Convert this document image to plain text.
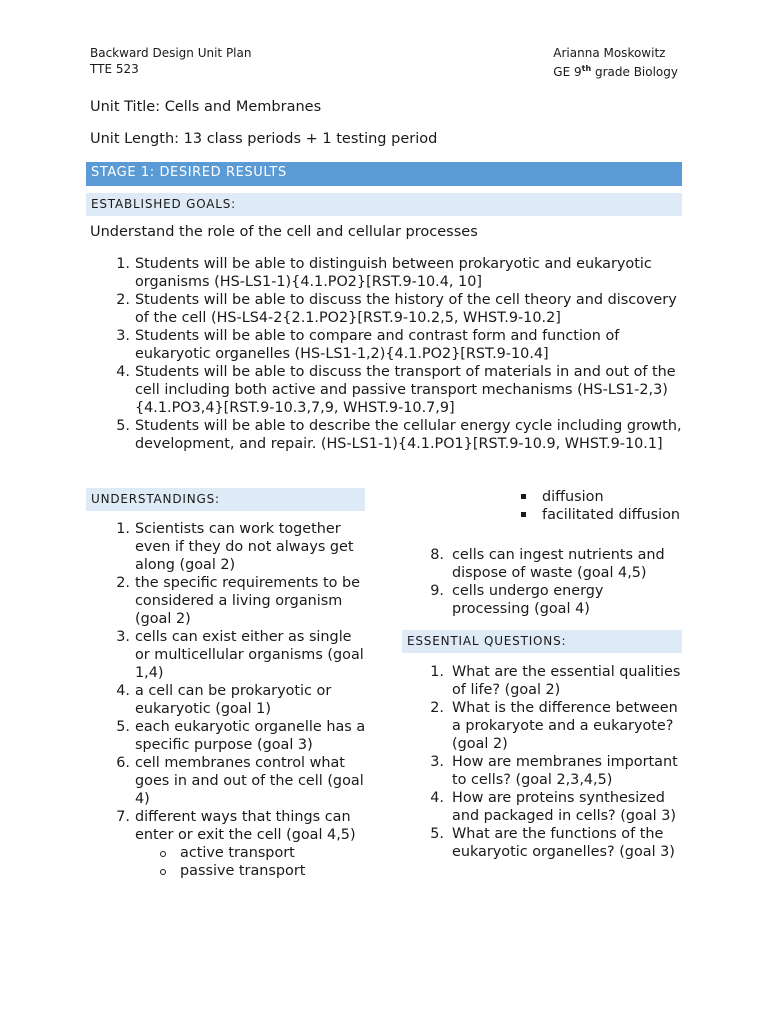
Backward Design Unit Plan
TTE 523
Arianna Moskowitz
GE 9th grade Biology
Unit Title: Cells and Membranes
Unit Length: 13 class periods + 1 testing period
STAGE 1: DESIRED RESULTS
ESTABLISHED GOALS:
Understand the role of the cell and cellular processes
1. Students will be able to distinguish between prokaryotic and eukaryotic organisms (HS-LS1-1){4.1.PO2}[RST.9-10.4, 10]
2. Students will be able to discuss the history of the cell theory and discovery of the cell (HS-LS4-2{2.1.PO2}[RST.9-10.2,5, WHST.9-10.2]
3. Students will be able to compare and contrast form and function of eukaryotic organelles (HS-LS1-1,2){4.1.PO2}[RST.9-10.4]
4. Students will be able to discuss the transport of materials in and out of the cell including both active and passive transport mechanisms (HS-LS1-2,3){4.1.PO3,4}[RST.9-10.3,7,9, WHST.9-10.7,9]
5. Students will be able to describe the cellular energy cycle including growth, development, and repair. (HS-LS1-1){4.1.PO1}[RST.9-10.9, WHST.9-10.1]
UNDERSTANDINGS:
1. Scientists can work together even if they do not always get along (goal 2)
2. the specific requirements to be considered a living organism (goal 2)
3. cells can exist either as single or multicellular organisms (goal 1,4)
4. a cell can be prokaryotic or eukaryotic (goal 1)
5. each eukaryotic organelle has a specific purpose (goal 3)
6. cell membranes control what goes in and out of the cell (goal 4)
7. different ways that things can enter or exit the cell (goal 4,5)
active transport
passive transport
diffusion
facilitated diffusion
8. cells can ingest nutrients and dispose of waste (goal 4,5)
9. cells undergo energy processing (goal 4)
ESSENTIAL QUESTIONS:
1. What are the essential qualities of life? (goal 2)
2. What is the difference between a prokaryote and a eukaryote? (goal 2)
3. How are membranes important to cells? (goal 2,3,4,5)
4. How are proteins synthesized and packaged in cells? (goal 3)
5. What are the functions of the eukaryotic organelles? (goal 3)
